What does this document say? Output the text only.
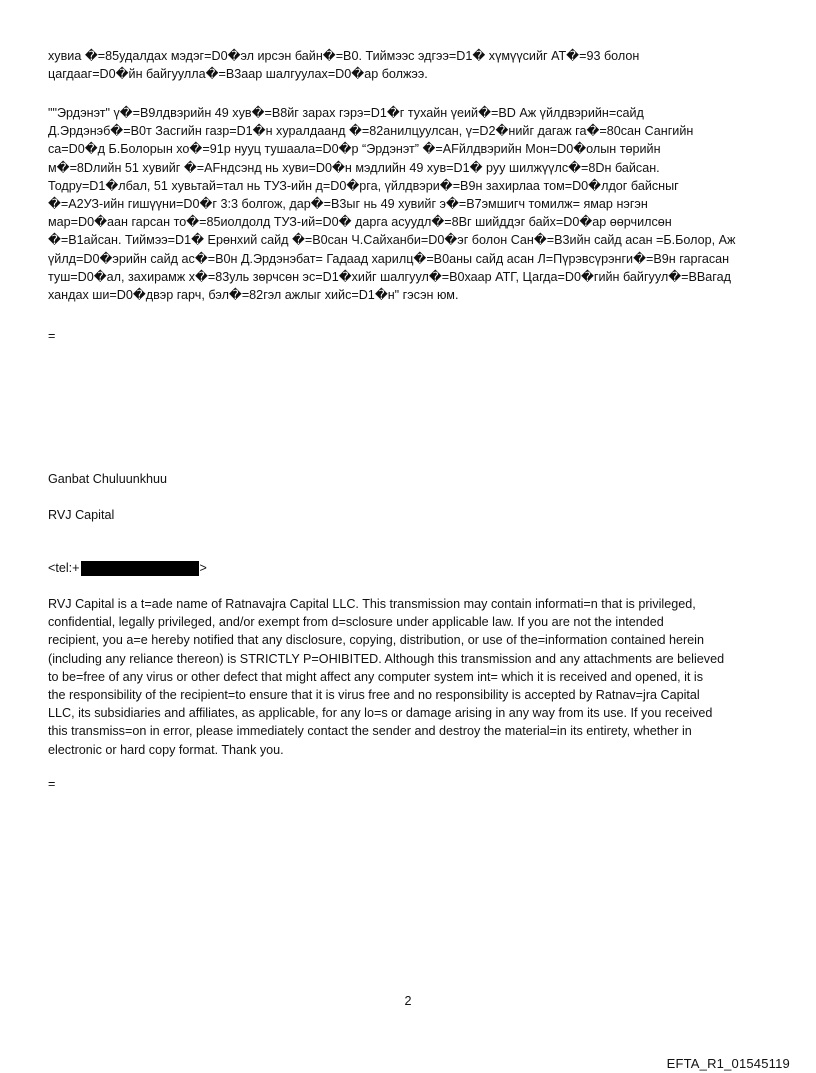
хувиа �=85удалдах мэдэг=D0�эл ирсэн байн�=B0. Тиймээс эдгээ=D1� хүмүүсийг АТ�=93 болон
цагдааг=D0�йн байгууллa�=B3аар шалгуулах=D0�ар болжээ.
""Эрдэнэт" ү�=B9лдвэрийн 49 хув�=B8йг зарах гэрэ=D1�г тухайн үеий�=BD Аж үйлдвэрийн=сайд
Д.Эрдэнэб�=B0т Засгийн газр=D1�н хуралдаанд �=82анилцуулсан, ү=D2�нийг дагаж га�=80сан Сангийн
са=D0�д Б.Болорын хо�=91р нууц тушаала=D0�р “Эрдэнэт” �=AFйлдвэрийн Мон=D0�олын төрийн
м�=8Dлийн 51 хувийг �=AFндсэнд нь хуви=D0�н мэдлийн 49 хув=D1� руу шилжүүлс�=8Dн байсан.
Тодру=D1�лбал, 51 хувьтай=тал нь ТУЗ-ийн д=D0�рга, үйлдвэри�=B9н захирлаа том=D0�лдог байсныг
�=A2УЗ-ийн гишүүни=D0�г 3:3 болгож, дар�=B3ыг нь 49 хувийг э�=B7эмшигч томилж= ямар нэгэн
мар=D0�аан гарсан то�=85иолдолд ТУЗ-ий=D0� дарга асуудл�=8Bг шийддэг байх=D0�ар өөрчилсөн
�=B1айсан. Тиймээ=D1� Ерөнхий сайд �=B0сан Ч.Сайханби=D0�эг болон Сан�=B3ийн сайд асан =Б.Болор, Аж
үйлд=D0�эрийн сайд ас�=B0н Д.Эрдэнэбат= Гадаад харилц�=B0аны сайд асан Л=Пүрэвсүрэнги�=B9н гаргасан
туш=D0�ал, захирамж х�=83уль зөрчсөн эс=D1�хийг шалгуул�=B0хаар АТГ, Цагда=D0�гийн байгуул�=BBагад
хандах ши=D0�двэр гарч, бэл�=82гэл ажлыг хийс=D1�н" гэсэн юм.
=
Ganbat Chuluunkhuu
RVJ Capital
<tel:+	>
RVJ Capital is a t=ade name of Ratnavajra Capital LLC. This transmission may contain informati=n that is privileged,
confidential, legally privileged, and/or exempt from d=sclosure under applicable law. If you are not the intended
recipient, you a=e hereby notified that any disclosure, copying, distribution, or use of the=information contained herein
(including any reliance thereon) is STRICTLY P=OHIBITED. Although this transmission and any attachments are believed
to be=free of any virus or other defect that might affect any computer system int= which it is received and opened, it is
the responsibility of the recipient=to ensure that it is virus free and no responsibility is accepted by Ratnav=jra Capital
LLC, its subsidiaries and affiliates, as applicable, for any lo=s or damage arising in any way from its use. If you received
this transmiss=on in error, please immediately contact the sender and destroy the material=in its entirety, whether in
electronic or hard copy format. Thank you.
=
2
EFTA_R1_01545119
